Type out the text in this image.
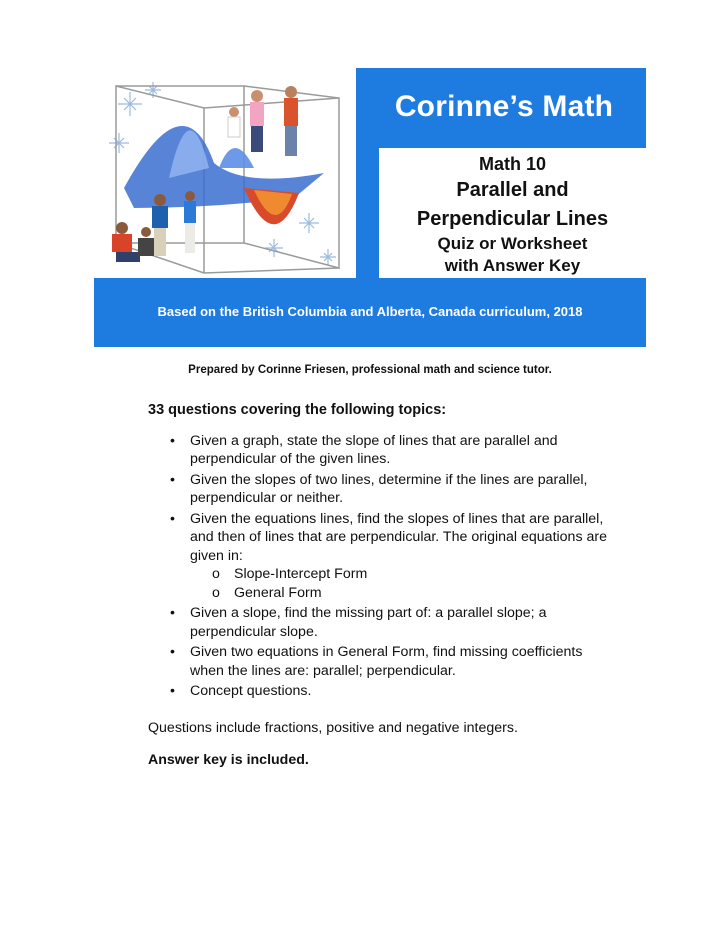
Corinne’s Math
Math 10
Parallel and
Perpendicular Lines
Quiz or Worksheet
with Answer Key
Based on the British Columbia and Alberta, Canada curriculum, 2018
Prepared by Corinne Friesen, professional math and science tutor.
33 questions covering the following topics:
• Given a graph, state the slope of lines that are parallel and perpendicular of the given lines.
• Given the slopes of two lines, determine if the lines are parallel, perpendicular or neither.
• Given the equations lines, find the slopes of lines that are parallel, and then of lines that are perpendicular. The original equations are given in:
o Slope-Intercept Form
o General Form
• Given a slope, find the missing part of: a parallel slope; a perpendicular slope.
• Given two equations in General Form, find missing coefficients when the lines are: parallel; perpendicular.
• Concept questions.
Questions include fractions, positive and negative integers.
Answer key is included.
